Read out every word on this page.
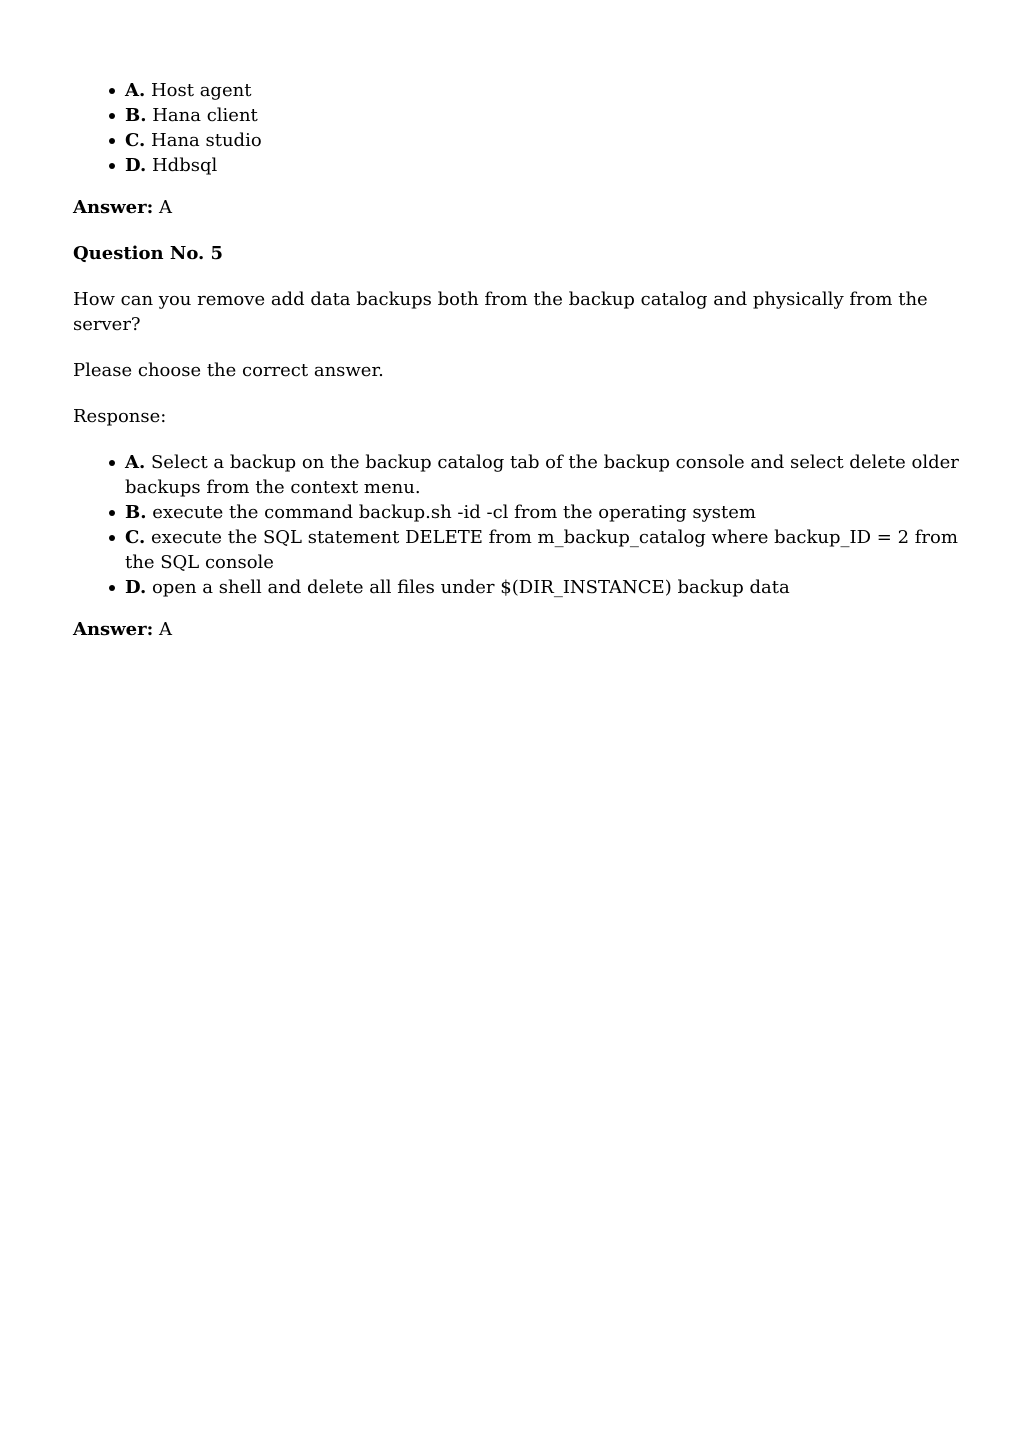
A. Host agent
B. Hana client
C. Hana studio
D. Hdbsql

Answer: A

Question No. 5

How can you remove add data backups both from the backup catalog and physically from the server?

Please choose the correct answer.

Response:

A. Select a backup on the backup catalog tab of the backup console and select delete older backups from the context menu.
B. execute the command backup.sh -id -cl from the operating system
C. execute the SQL statement DELETE from m_backup_catalog where backup_ID = 2 from the SQL console
D. open a shell and delete all files under $(DIR_INSTANCE) backup data

Answer: A
